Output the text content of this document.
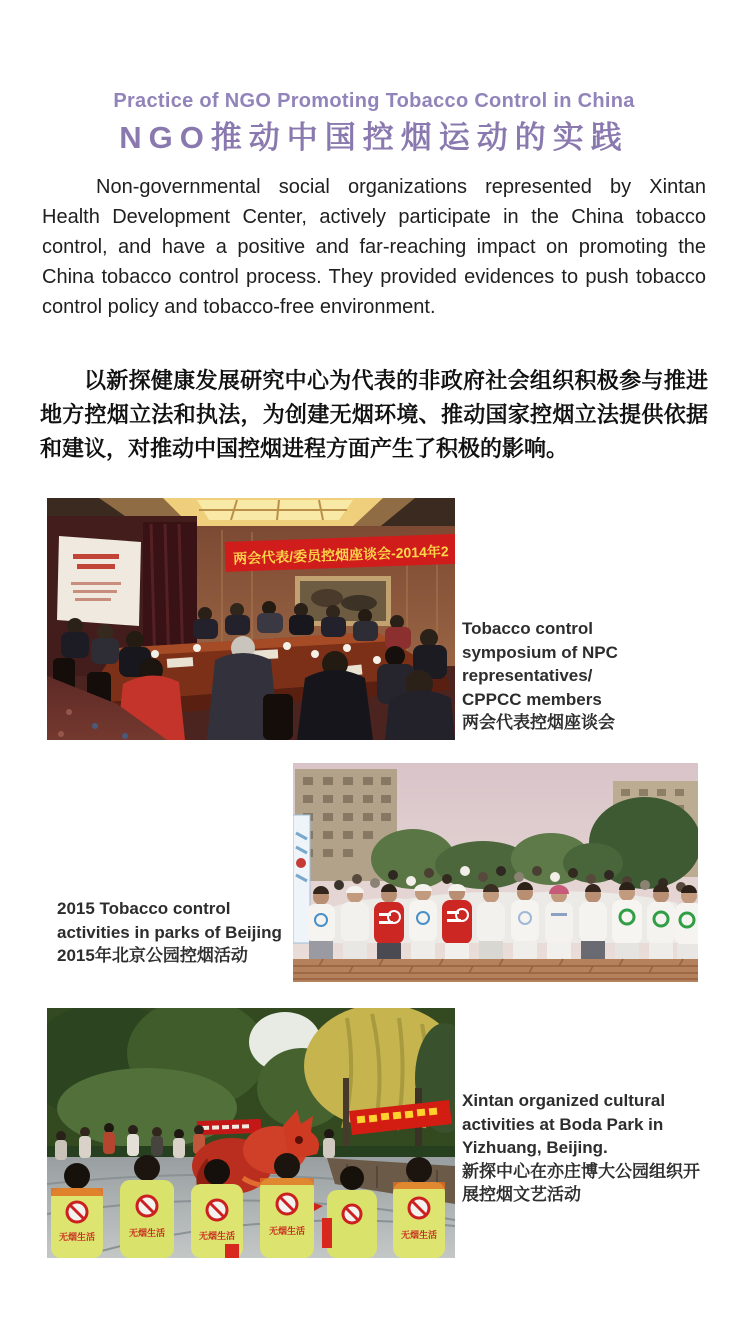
Practice of NGO Promoting Tobacco Control in China
NGO推动中国控烟运动的实践

Non-governmental social organizations represented by Xintan Health Development Center, actively participate in the China tobacco control, and have a positive and far-reaching impact on promoting the China tobacco control process. They provided evidences to push tobacco control policy and tobacco-free environment.

以新探健康发展研究中心为代表的非政府社会组织积极参与推进地方控烟立法和执法，为创建无烟环境、推动国家控烟立法提供依据和建议，对推动中国控烟进程方面产生了积极的影响。

两会代表/委员控烟座谈会-2014年2
Tobacco control symposium of NPC representatives/ CPPCC members
两会代表控烟座谈会
2015 Tobacco control activities in parks of Beijing
2015年北京公园控烟活动
无烟生活	无烟生活	无烟生活	无烟生活	无烟生活
Xintan organized cultural activities at Boda Park in Yizhuang, Beijing.
新探中心在亦庄博大公园组织开展控烟文艺活动
